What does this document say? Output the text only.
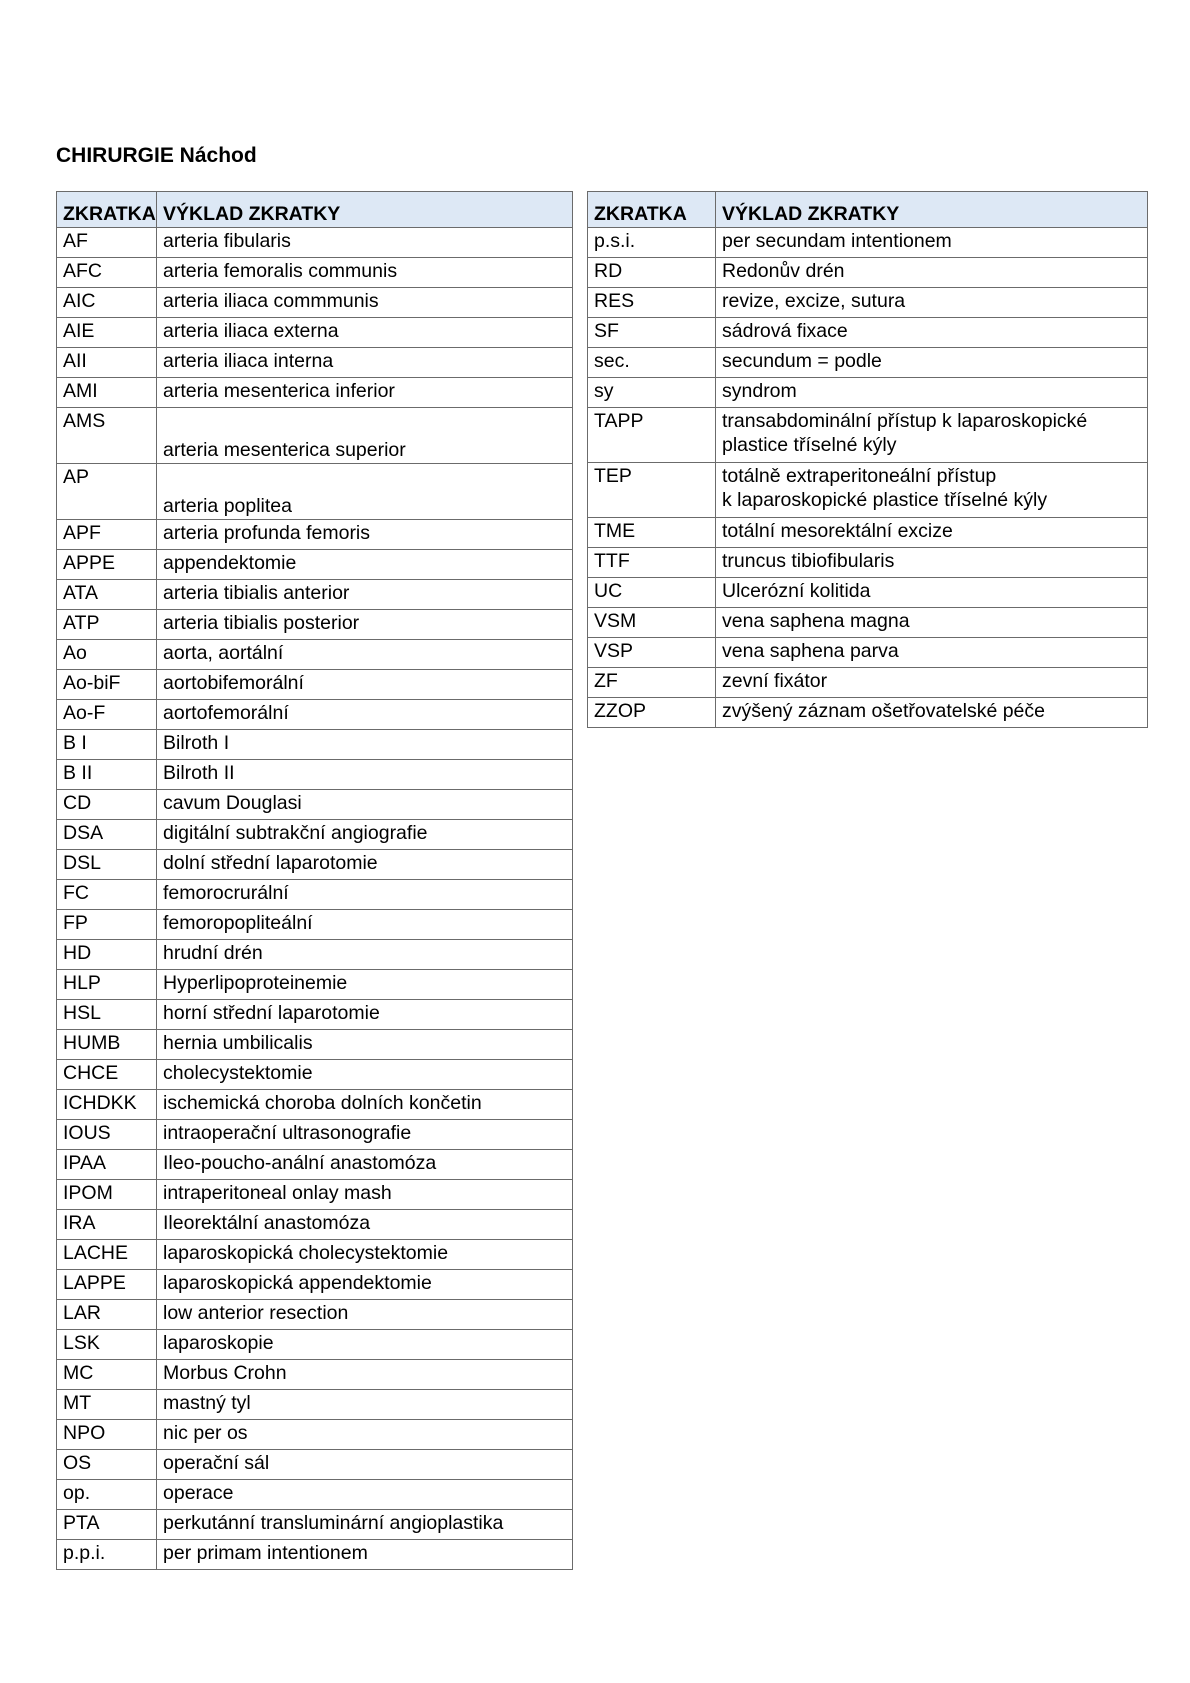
CHIRURGIE Náchod
ZKRATKA	VÝKLAD ZKRATKY
AF	arteria fibularis
AFC	arteria femoralis communis
AIC	arteria iliaca commmunis
AIE	arteria iliaca externa
AII	arteria iliaca interna
AMI	arteria mesenterica inferior
AMS	arteria mesenterica superior
AP	arteria poplitea
APF	arteria profunda femoris
APPE	appendektomie
ATA	arteria tibialis anterior
ATP	arteria tibialis posterior
Ao	aorta, aortální
Ao-biF	aortobifemorální
Ao-F	aortofemorální
B I	Bilroth I
B II	Bilroth II
CD	cavum Douglasi
DSA	digitální subtrakční angiografie
DSL	dolní střední laparotomie
FC	femorocrurální
FP	femoropopliteální
HD	hrudní drén
HLP	Hyperlipoproteinemie
HSL	horní střední laparotomie
HUMB	hernia umbilicalis
CHCE	cholecystektomie
ICHDKK	ischemická choroba dolních končetin
IOUS	intraoperační ultrasonografie
IPAA	Ileo-poucho-anální anastomóza
IPOM	intraperitoneal onlay mash
IRA	Ileorektální anastomóza
LACHE	laparoskopická cholecystektomie
LAPPE	laparoskopická appendektomie
LAR	low anterior resection
LSK	laparoskopie
MC	Morbus Crohn
MT	mastný tyl
NPO	nic per os
OS	operační sál
op.	operace
PTA	perkutánní transluminární angioplastika
p.p.i.	per primam intentionem
ZKRATKA	VÝKLAD ZKRATKY
p.s.i.	per secundam intentionem
RD	Redonův drén
RES	revize, excize, sutura
SF	sádrová fixace
sec.	secundum = podle
sy	syndrom
TAPP	transabdominální přístup k laparoskopické
plastice tříselné kýly

TEP	totálně extraperitoneální přístup
k laparoskopické plastice tříselné kýly

TME	totální mesorektální excize
TTF	truncus tibiofibularis
UC	Ulcerózní kolitida
VSM	vena saphena magna
VSP	vena saphena parva
ZF	zevní fixátor
ZZOP	zvýšený záznam ošetřovatelské péče
